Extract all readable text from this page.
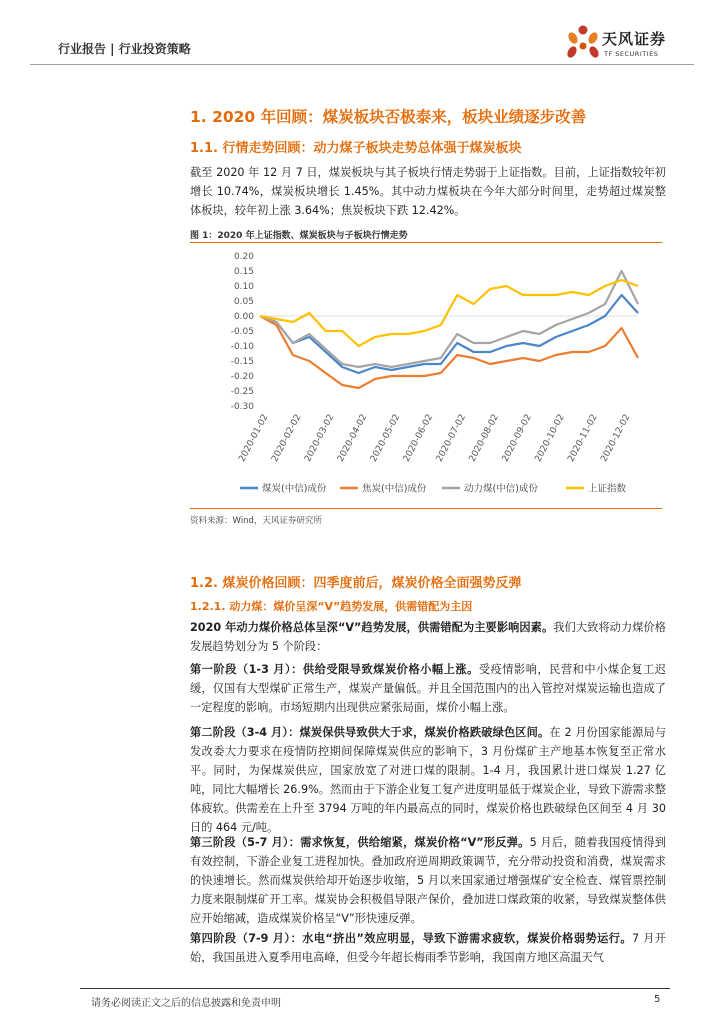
行业报告 | 行业投资策略
天风证券
TF SECURITIES
1. 2020 年回顾：煤炭板块否极泰来，板块业绩逐步改善
1.1. 行情走势回顾：动力煤子板块走势总体强于煤炭板块
截至 2020 年 12 月 7 日，煤炭板块与其子板块行情走势弱于上证指数。目前，上证指数较年初增长 10.74%，煤炭板块增长 1.45%。其中动力煤板块在今年大部分时间里，走势超过煤炭整体板块，较年初上涨 3.64%；焦炭板块下跌 12.42%。
图 1：2020 年上证指数、煤炭板块与子板块行情走势
-0.30
-0.25
-0.20
-0.15
-0.10
-0.05
0.00
0.05
0.10
0.15
0.20
2020-01-02 2020-02-02 2020-03-02 2020-04-02 2020-05-02 2020-06-02 2020-07-02 2020-08-02 2020-09-02 2020-10-02 2020-11-02 2020-12-02
煤炭(中信)成份	焦炭(中信)成份	动力煤(中信)成份	上证指数
资料来源：Wind，天风证券研究所
1.2. 煤炭价格回顾：四季度前后，煤炭价格全面强势反弹
1.2.1. 动力煤：煤价呈深“V”趋势发展，供需错配为主因
2020 年动力煤价格总体呈深“V”趋势发展，供需错配为主要影响因素。我们大致将动力煤价格发展趋势划分为 5 个阶段：
第一阶段（1-3 月）：供给受限导致煤炭价格小幅上涨。受疫情影响，民营和中小煤企复工迟缓，仅国有大型煤矿正常生产，煤炭产量偏低。并且全国范围内的出入管控对煤炭运输也造成了一定程度的影响。市场短期内出现供应紧张局面，煤价小幅上涨。
第二阶段（3-4 月）：煤炭保供导致供大于求，煤炭价格跌破绿色区间。在 2 月份国家能源局与发改委大力要求在疫情防控期间保障煤炭供应的影响下，3 月份煤矿主产地基本恢复至正常水平。同时，为保煤炭供应，国家放宽了对进口煤的限制。1-4 月，我国累计进口煤炭 1.27 亿吨，同比大幅增长 26.9%。然而由于下游企业复工复产进度明显低于煤炭企业，导致下游需求整体疲软。供需差在上升至 3794 万吨的年内最高点的同时，煤炭价格也跌破绿色区间至 4 月 30 日的 464 元/吨。
第三阶段（5-7 月）：需求恢复，供给缩紧，煤炭价格“V”形反弹。5 月后，随着我国疫情得到有效控制，下游企业复工进程加快。叠加政府逆周期政策调节，充分带动投资和消费，煤炭需求的快速增长。然而煤炭供给却开始逐步收缩，5 月以来国家通过增强煤矿安全检查、煤管票控制力度来限制煤矿开工率。煤炭协会积极倡导限产保价，叠加进口煤政策的收紧，导致煤炭整体供应开始缩减，造成煤炭价格呈“V”形快速反弹。
第四阶段（7-9 月）：水电“挤出”效应明显，导致下游需求疲软，煤炭价格弱势运行。7 月开始，我国虽进入夏季用电高峰，但受今年超长梅雨季节影响，我国南方地区高温天气
请务必阅读正文之后的信息披露和免责申明	5
